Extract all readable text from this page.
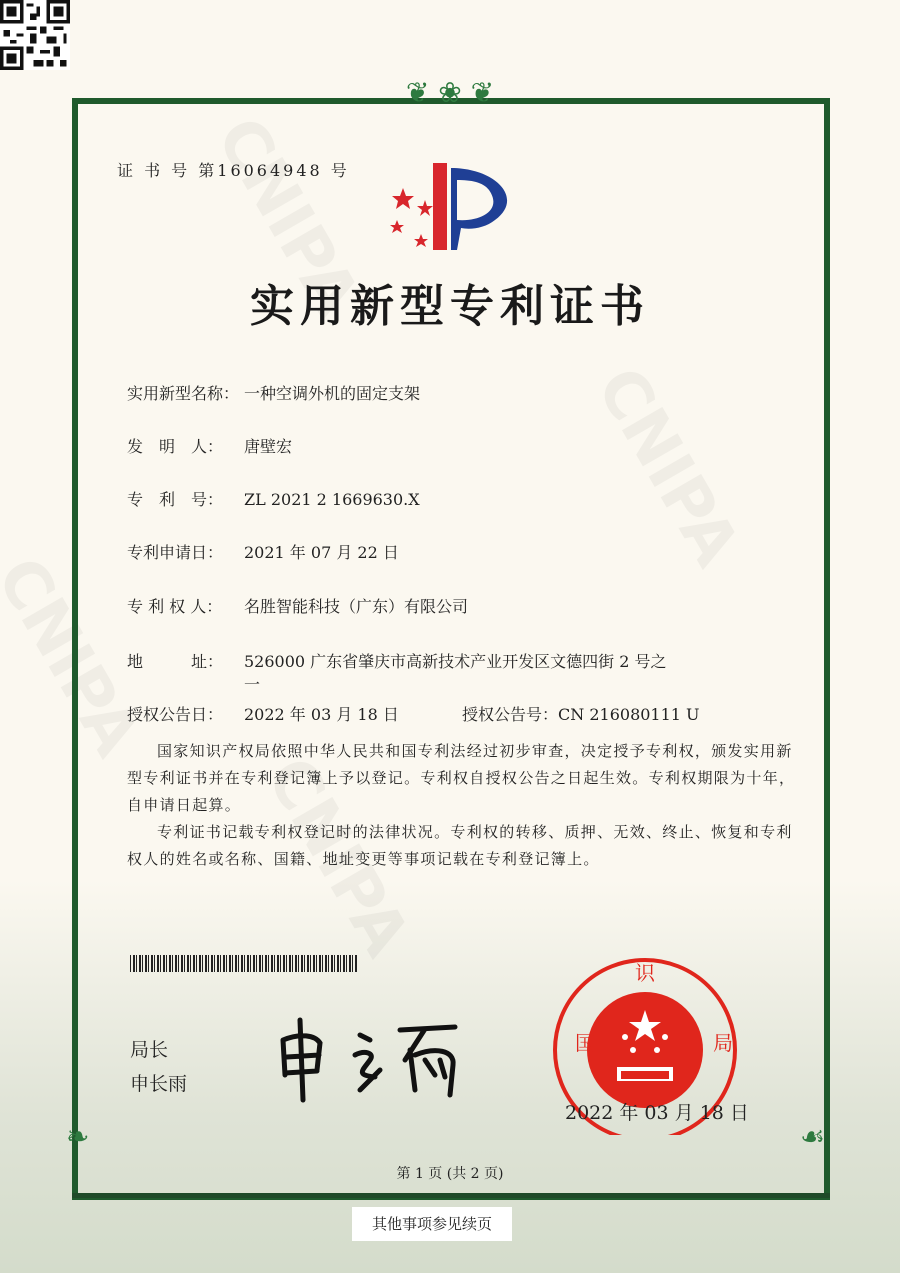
❦ ❀ ❦
❧	☙
证 书 号 第16064948 号
实用新型专利证书
实用新型名称： 一种空调外机的固定支架
发　明　人： 唐壁宏
专　利　号： ZL 2021 2 1669630.X
专利申请日： 2021 年 07 月 22 日
专 利 权 人： 名胜智能科技（广东）有限公司
地　　　址： 526000 广东省肇庆市高新技术产业开发区文德四街 2 号之
一
授权公告日： 2022 年 03 月 18 日	授权公告号：CN 216080111 U

国家知识产权局依照中华人民共和国专利法经过初步审查，决定授予专利权，颁发实用新型专利证书并在专利登记簿上予以登记。专利权自授权公告之日起生效。专利权期限为十年，自申请日起算。

专利证书记载专利权登记时的法律状况。专利权的转移、质押、无效、终止、恢复和专利权人的姓名或名称、国籍、地址变更等事项记载在专利登记簿上。

局长
申长雨
国
识
局
2022 年 03 月 18 日
第 1 页 (共 2 页)
其他事项参见续页
